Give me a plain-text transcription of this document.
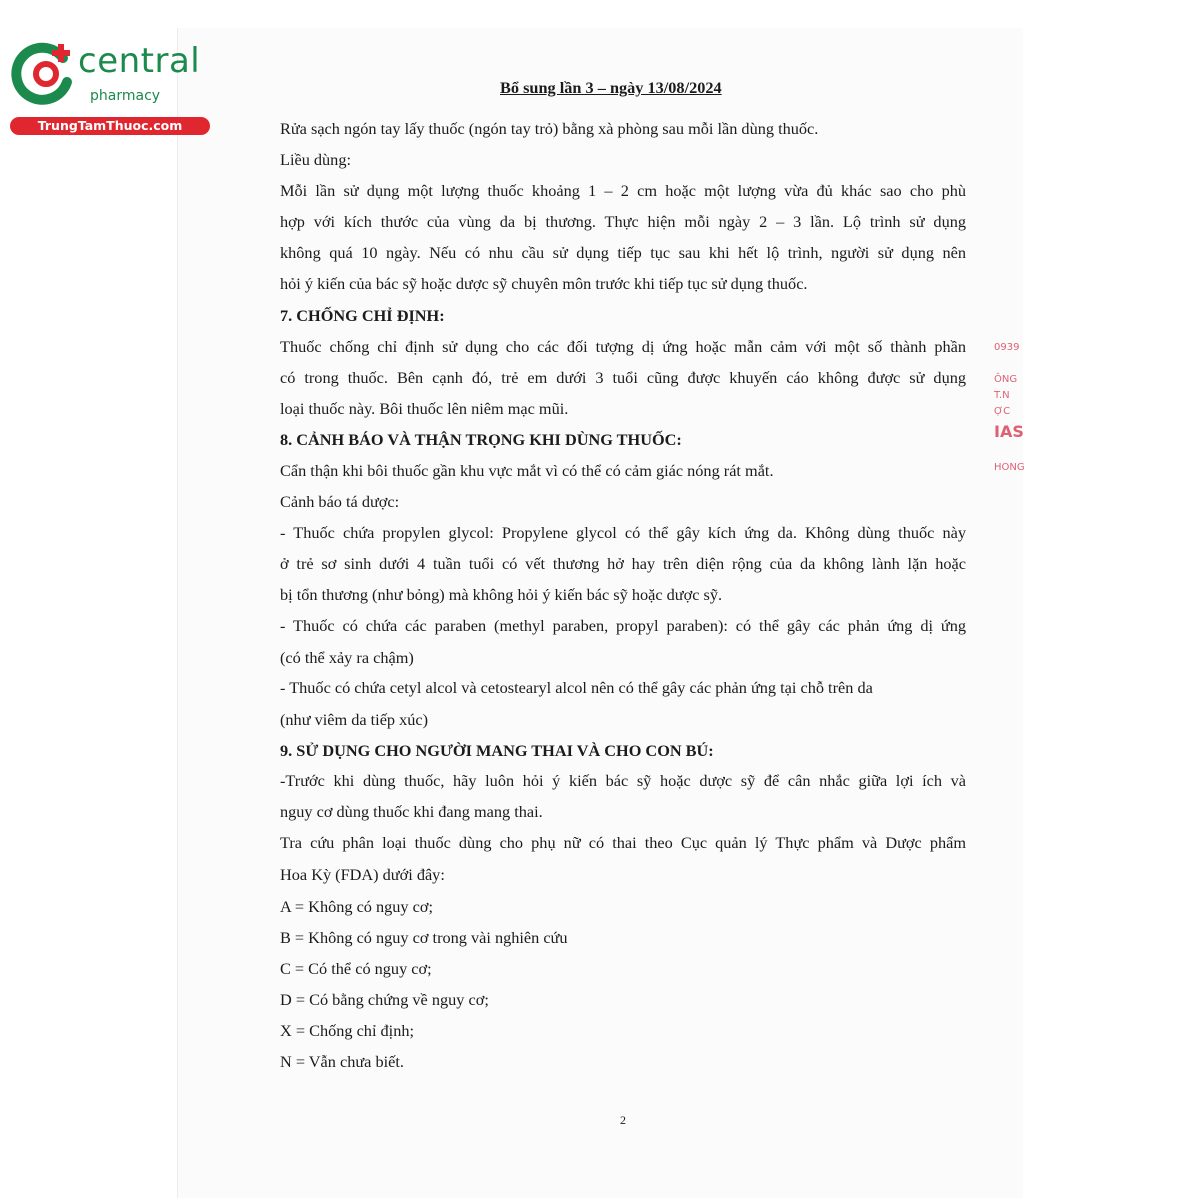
central
pharmacy
TrungTamThuoc.com
Bổ sung lần 3 – ngày 13/08/2024
Rửa sạch ngón tay lấy thuốc (ngón tay trỏ) bằng xà phòng sau mỗi lần dùng thuốc.
Liều dùng:
Mỗi lần sử dụng một lượng thuốc khoảng 1 – 2 cm hoặc một lượng vừa đủ khác sao cho phù
hợp với kích thước của vùng da bị thương. Thực hiện mỗi ngày 2 – 3 lần. Lộ trình sử dụng
không quá 10 ngày. Nếu có nhu cầu sử dụng tiếp tục sau khi hết lộ trình, người sử dụng nên
hỏi ý kiến của bác sỹ hoặc dược sỹ chuyên môn trước khi tiếp tục sử dụng thuốc.
7. CHỐNG CHỈ ĐỊNH:
Thuốc chống chỉ định sử dụng cho các đối tượng dị ứng hoặc mẫn cảm với một số thành phần
có trong thuốc. Bên cạnh đó, trẻ em dưới 3 tuổi cũng được khuyến cáo không được sử dụng
loại thuốc này. Bôi thuốc lên niêm mạc mũi.
8. CẢNH BÁO VÀ THẬN TRỌNG KHI DÙNG THUỐC:
Cẩn thận khi bôi thuốc gần khu vực mắt vì có thể có cảm giác nóng rát mắt.
Cảnh báo tá dược:
- Thuốc chứa propylen glycol: Propylene glycol có thể gây kích ứng da. Không dùng thuốc này
ở trẻ sơ sinh dưới 4 tuần tuổi có vết thương hở hay trên diện rộng của da không lành lặn hoặc
bị tổn thương (như bỏng) mà không hỏi ý kiến bác sỹ hoặc dược sỹ.
- Thuốc có chứa các paraben (methyl paraben, propyl paraben): có thể gây các phản ứng dị ứng
(có thể xảy ra chậm)
- Thuốc có chứa cetyl alcol và cetostearyl alcol nên có thể gây các phản ứng tại chỗ trên da
(như viêm da tiếp xúc)
9. SỬ DỤNG CHO NGƯỜI MANG THAI VÀ CHO CON BÚ:
-Trước khi dùng thuốc, hãy luôn hỏi ý kiến bác sỹ hoặc dược sỹ để cân nhắc giữa lợi ích và
nguy cơ dùng thuốc khi đang mang thai.
Tra cứu phân loại thuốc dùng cho phụ nữ có thai theo Cục quản lý Thực phẩm và Dược phẩm
Hoa Kỳ (FDA) dưới đây:
A = Không có nguy cơ;
B = Không có nguy cơ trong vài nghiên cứu
C = Có thể có nguy cơ;
D = Có bằng chứng về nguy cơ;
X = Chống chỉ định;
N = Vẫn chưa biết.
2
0939
ÔNG
T.N
ỢC
IAS
HONG
